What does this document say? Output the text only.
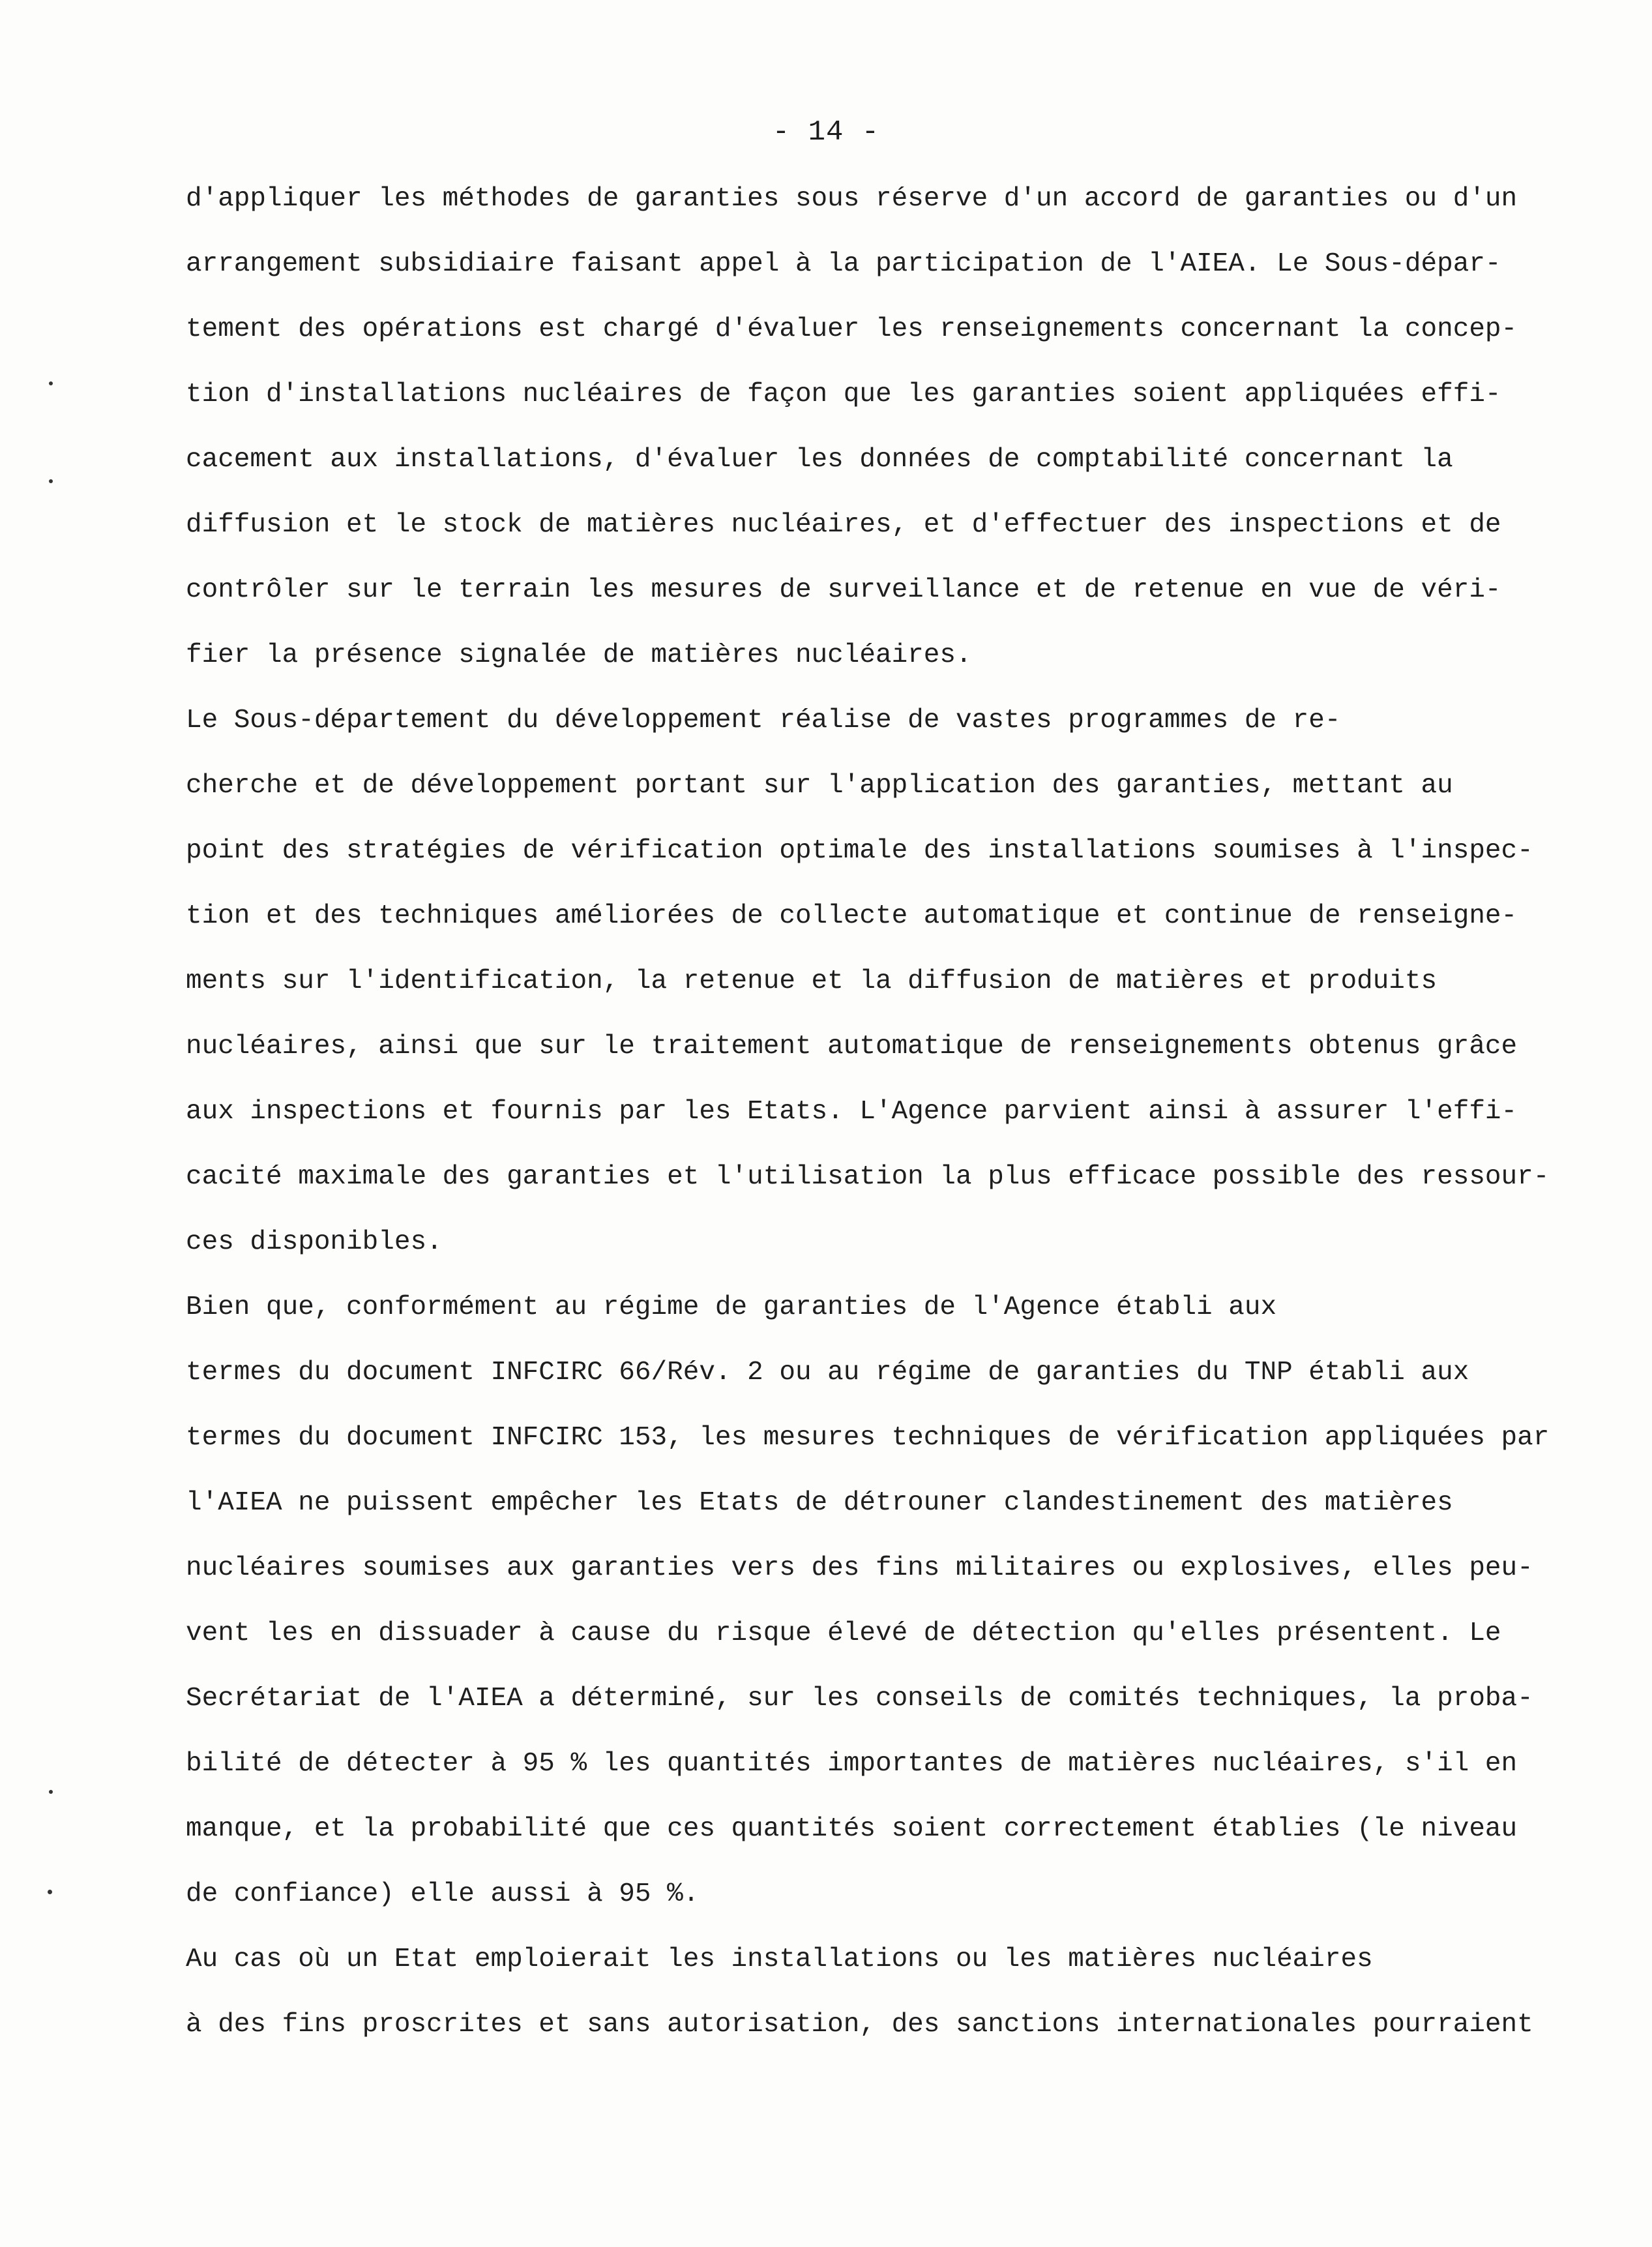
- 14 -
d'appliquer les méthodes de garanties sous réserve d'un accord de garanties ou d'un
arrangement subsidiaire faisant appel à la participation de l'AIEA. Le Sous-dépar-
tement des opérations est chargé d'évaluer les renseignements concernant la concep-
tion d'installations nucléaires de façon que les garanties soient appliquées effi-
cacement aux installations, d'évaluer les données de comptabilité concernant la
diffusion et le stock de matières nucléaires, et d'effectuer des inspections et de
contrôler sur le terrain les mesures de surveillance et de retenue en vue de véri-
fier la présence signalée de matières nucléaires.
Le Sous-département du développement réalise de vastes programmes de re-
cherche et de développement portant sur l'application des garanties, mettant au
point des stratégies de vérification optimale des installations soumises à l'inspec-
tion et des techniques améliorées de collecte automatique et continue de renseigne-
ments sur l'identification, la retenue et la diffusion de matières et produits
nucléaires, ainsi que sur le traitement automatique de renseignements obtenus grâce
aux inspections et fournis par les Etats. L'Agence parvient ainsi à assurer l'effi-
cacité maximale des garanties et l'utilisation la plus efficace possible des ressour-
ces disponibles.
Bien que, conformément au régime de garanties de l'Agence établi aux
termes du document INFCIRC 66/Rév. 2 ou au régime de garanties du TNP établi aux
termes du document INFCIRC 153, les mesures techniques de vérification appliquées par
l'AIEA ne puissent empêcher les Etats de détrouner clandestinement des matières
nucléaires soumises aux garanties vers des fins militaires ou explosives, elles peu-
vent les en dissuader à cause du risque élevé de détection qu'elles présentent. Le
Secrétariat de l'AIEA a déterminé, sur les conseils de comités techniques, la proba-
bilité de détecter à 95 % les quantités importantes de matières nucléaires, s'il en
manque, et la probabilité que ces quantités soient correctement établies (le niveau
de confiance) elle aussi à 95 %.
Au cas où un Etat emploierait les installations ou les matières nucléaires
à des fins proscrites et sans autorisation, des sanctions internationales pourraient
